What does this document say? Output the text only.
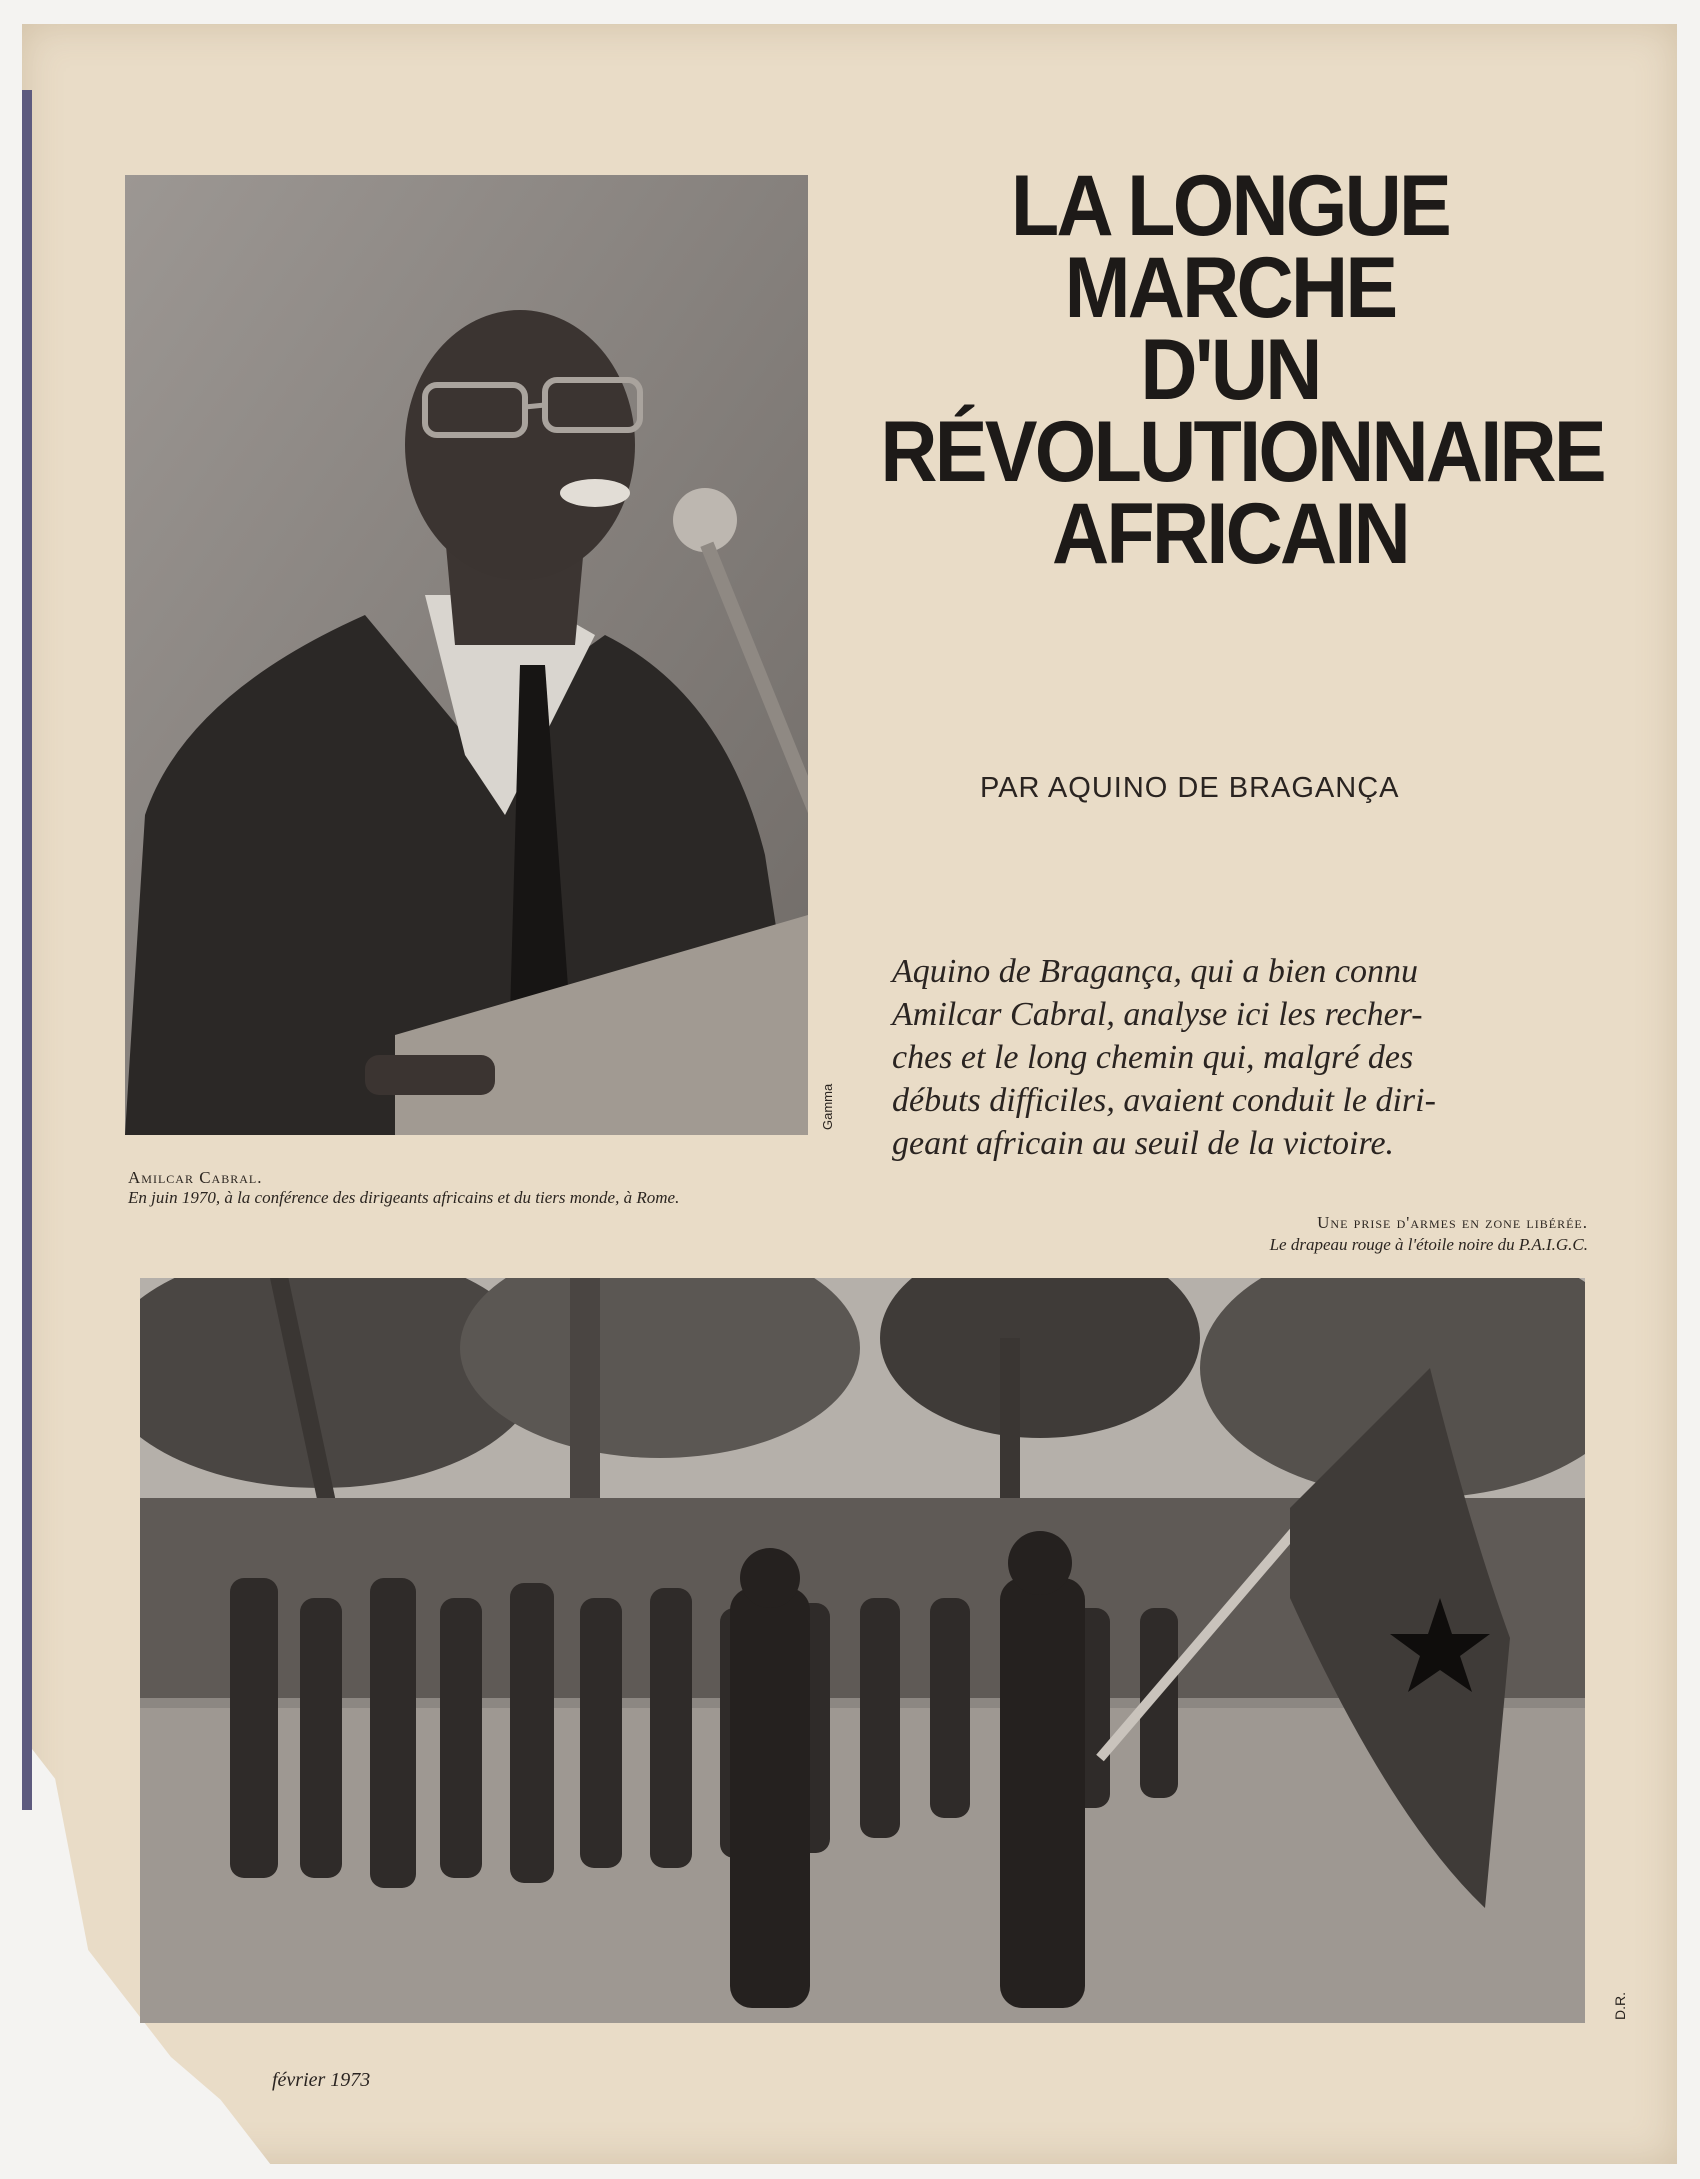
Gamma
Amilcar Cabral.
En juin 1970, à la conférence des dirigeants africains et du tiers monde, à Rome.
LA LONGUE
MARCHE
D'UN
RÉVOLUTIONNAIRE
AFRICAIN
PAR AQUINO DE BRAGANÇA
Aquino de Bragança, qui a bien connu
Amilcar Cabral, analyse ici les recher-
ches et le long chemin qui, malgré des
débuts difficiles, avaient conduit le diri-
geant africain au seuil de la victoire.
Une prise d'armes en zone libérée.
Le drapeau rouge à l'étoile noire du P.A.I.G.C.
D.R.
février 1973
